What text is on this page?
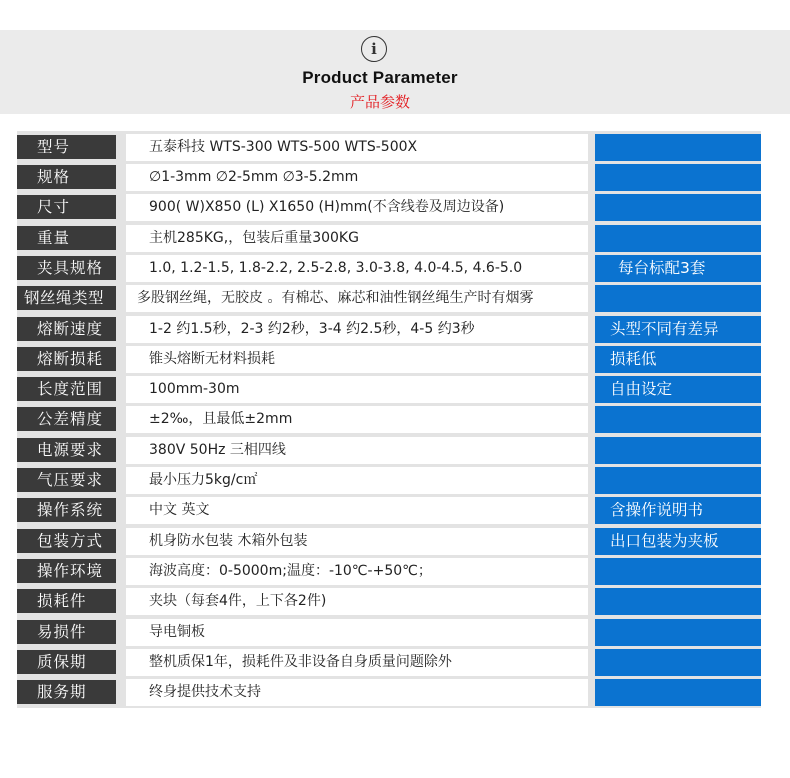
i
Product Parameter
产品参数
型号	五泰科技 WTS-300 WTS-500 WTS-500X
规格	∅1-3mm ∅2-5mm ∅3-5.2mm
尺寸	900( W)X850 (L) X1650 (H)mm(不含线卷及周边设备)
重量	主机285KG,，包装后重量300KG
夹具规格	1.0, 1.2-1.5, 1.8-2.2, 2.5-2.8, 3.0-3.8, 4.0-4.5, 4.6-5.0	每台标配3套
钢丝绳类型	多股钢丝绳，无胶皮 。有棉芯、麻芯和油性钢丝绳生产时有烟雾
熔断速度	1-2 约1.5秒，2-3 约2秒，3-4 约2.5秒，4-5 约3秒	头型不同有差异
熔断损耗	锥头熔断无材料损耗	损耗低
长度范围	100mm-30m	自由设定
公差精度	±2‰，且最低±2mm
电源要求	380V 50Hz 三相四线
气压要求	最小压力5kg/c㎡
操作系统	中文 英文	含操作说明书
包装方式	机身防水包装 木箱外包装	出口包装为夹板
操作环境	海波高度：0-5000m;温度：-10℃-+50℃；
损耗件	夹块（每套4件，上下各2件)
易损件	导电铜板
质保期	整机质保1年，损耗件及非设备自身质量问题除外
服务期	终身提供技术支持
